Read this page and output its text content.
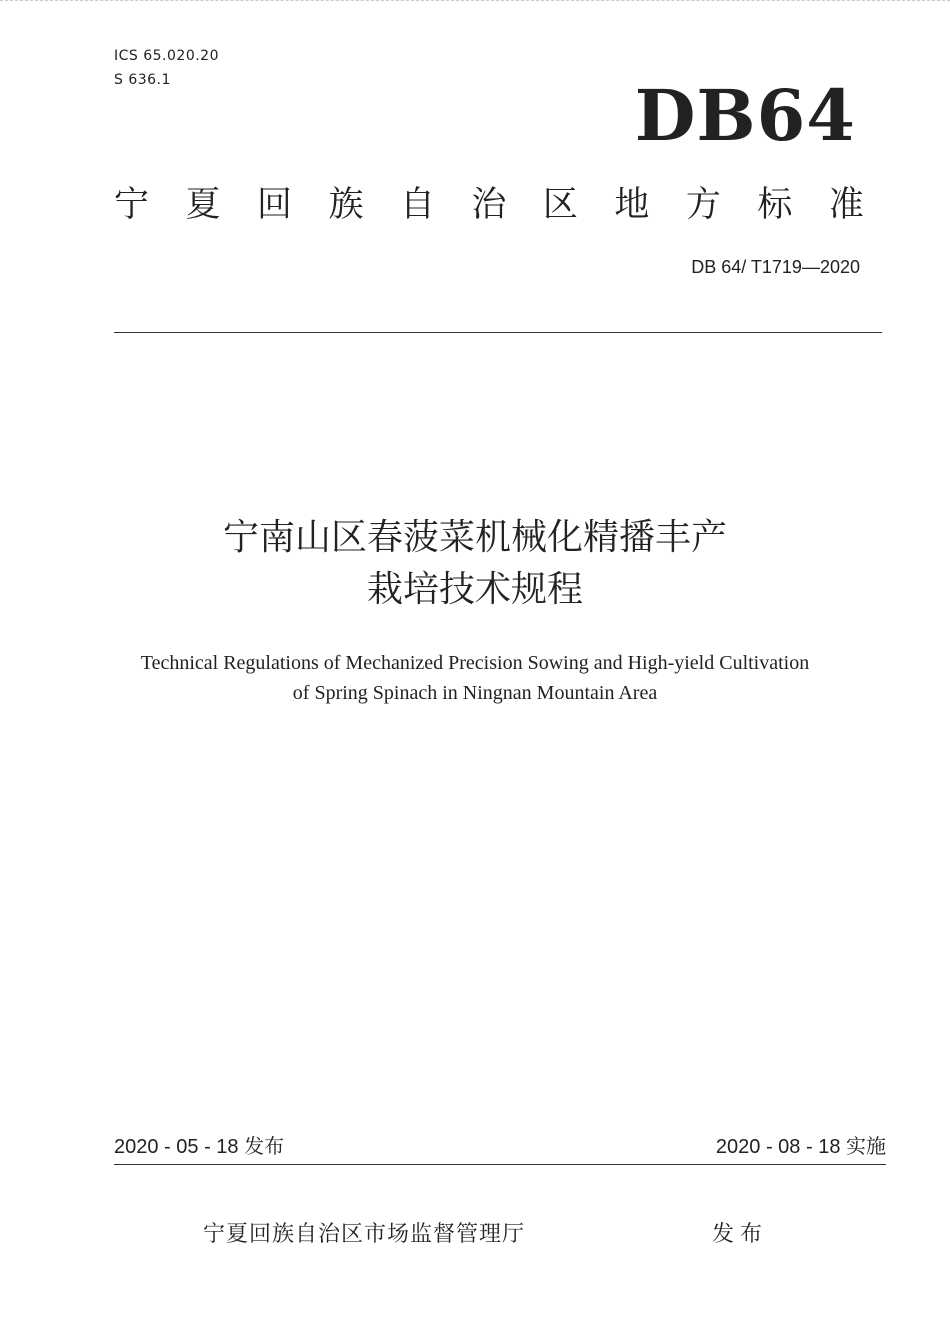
ICS 65.020.20
S 636.1	DB64
宁 夏 回 族 自 治 区 地 方 标 准
DB 64/ T1719—2020
宁南山区春菠菜机械化精播丰产
栽培技术规程
Technical Regulations of Mechanized Precision Sowing and High-yield Cultivation
of Spring Spinach in Ningnan Mountain Area
2020 - 05 - 18 发布	2020 - 08 - 18 实施
宁夏回族自治区市场监督管理厅	发布
